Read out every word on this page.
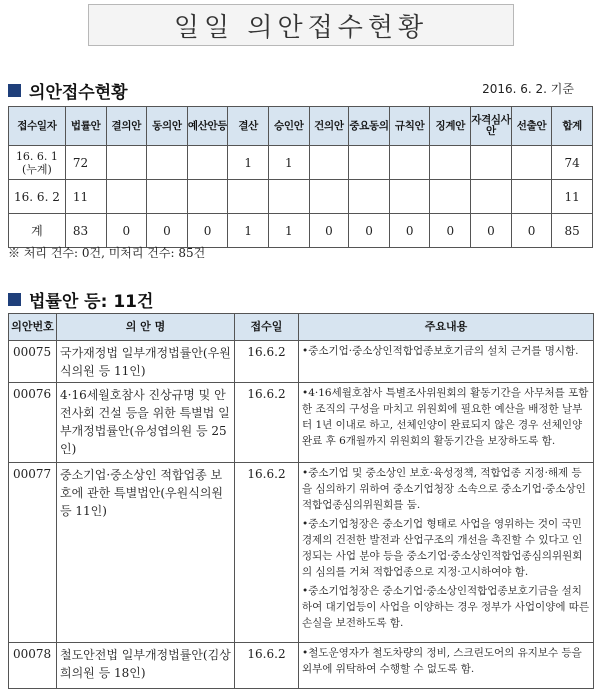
일일 의안접수현황
의안접수현황	2016. 6. 2. 기준
접수일자	법률안	결의안	동의안	예산안등	결산	승인안	건의안	중요동의	규칙안	징계안	자격심사안	선출안	합계

16. 6. 1
(누계)	72				1	1							74
16. 6. 2	11												11
계	83	0	0	0	1	1	0	0	0	0	0	0	85
※ 처리 건수: 0건, 미처리 건수: 85건
법률안 등: 11건
의안번호	의 안 명	접수일	주요내용
00075	국가재정법 일부개정법률안(우원식의원 등 11인)	16.6.2	• 중소기업·중소상인적합업종보호기금의 설치 근거를 명시함.

00076	4·16세월호참사 진상규명 및 안전사회 건설 등을 위한 특별법 일부개정법률안(유성엽의원 등 25인)	16.6.2	• 4·16세월호참사 특별조사위원회의 활동기간을 사무처를 포함한 조직의 구성을 마치고 위원회에 필요한 예산을 배정한 날부터 1년 이내로 하고, 선체인양이 완료되지 않은 경우 선체인양 완료 후 6개월까지 위원회의 활동기간을 보장하도록 함.

00077	중소기업·중소상인 적합업종 보호에 관한 특별법안(우원식의원 등 11인)	16.6.2	• 중소기업 및 중소상인 보호·육성정책, 적합업종 지정·해제 등을 심의하기 위하여 중소기업청장 소속으로 중소기업·중소상인적합업종심의위원회를 둠.

• 중소기업청장은 중소기업 형태로 사업을 영위하는 것이 국민경제의 건전한 발전과 산업구조의 개선을 촉진할 수 있다고 인정되는 사업 분야 등을 중소기업·중소상인적합업종심의위원회의 심의를 거쳐 적합업종으로 지정·고시하여야 함.

• 중소기업청장은 중소기업·중소상인적합업종보호기금을 설치하여 대기업등이 사업을 이양하는 경우 정부가 사업이양에 따른 손실을 보전하도록 함.

00078	철도안전법 일부개정법률안(김상희의원 등 18인)	16.6.2	• 철도운영자가 철도차량의 정비, 스크린도어의 유지보수 등을 외부에 위탁하여 수행할 수 없도록 함.
